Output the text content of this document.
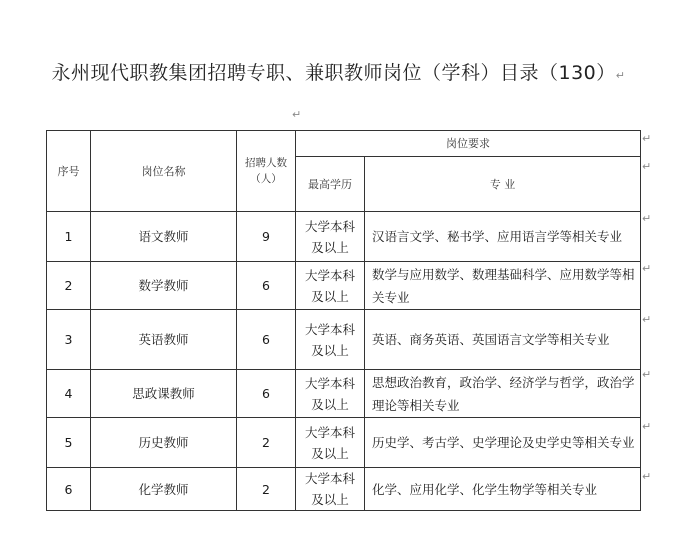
永州现代职教集团招聘专职、兼职教师岗位（学科）目录（130）↵
↵
↵
↵
↵
↵
↵
↵
↵
↵
序号	岗位名称	招聘人数（人）	岗位要求	
			最高学历	专 业
1	语文教师	9	大学本科及以上	汉语言文学、秘书学、应用语言学等相关专业
2	数学教师	6	大学本科及以上	数学与应用数学、数理基础科学、应用数学等相关专业
3	英语教师	6	大学本科及以上	英语、商务英语、英国语言文学等相关专业
4	思政课教师	6	大学本科及以上	思想政治教育，政治学、经济学与哲学，政治学理论等相关专业
5	历史教师	2	大学本科及以上	历史学、考古学、史学理论及史学史等相关专业
6	化学教师	2	大学本科及以上	化学、应用化学、化学生物学等相关专业
